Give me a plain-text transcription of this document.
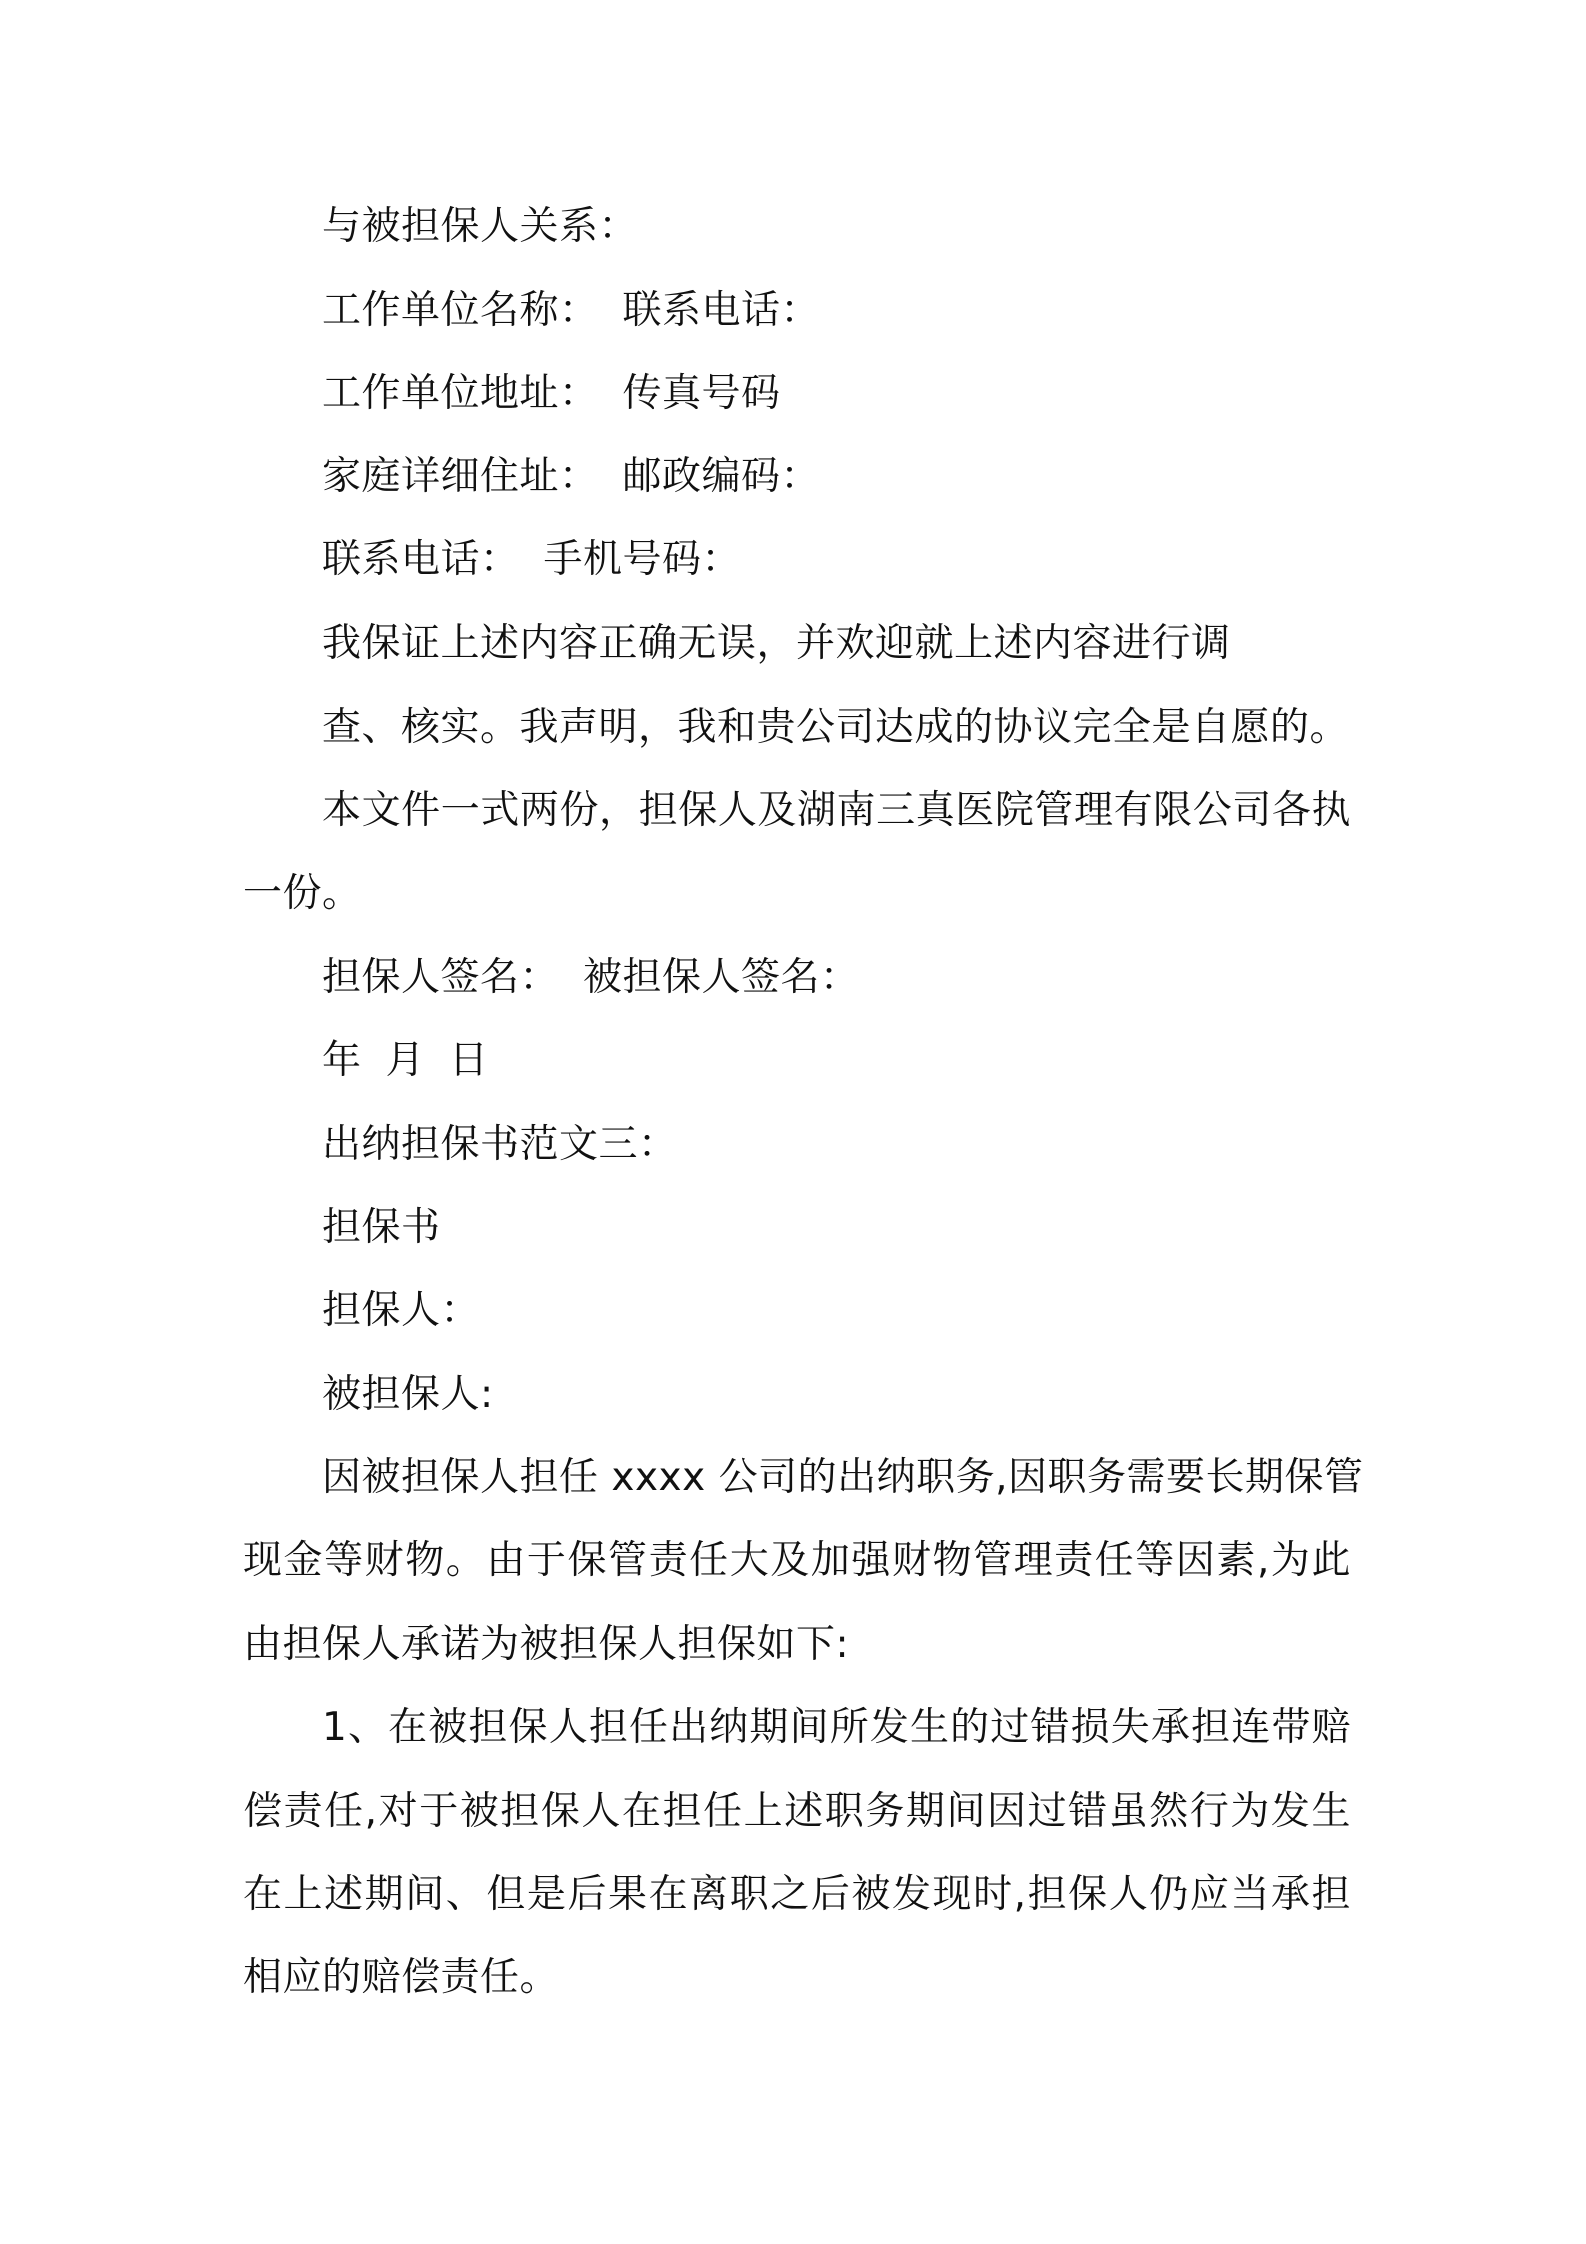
与被担保人关系：
工作单位名称： 联系电话：
工作单位地址： 传真号码
家庭详细住址： 邮政编码：
联系电话： 手机号码：
我保证上述内容正确无误，并欢迎就上述内容进行调
查、核实。我声明，我和贵公司达成的协议完全是自愿的。
本文件一式两份，担保人及湖南三真医院管理有限公司各执
一份。
担保人签名： 被担保人签名：
年 月 日
出纳担保书范文三：
担保书
担保人：
被担保人:
因被担保人担任 xxxx 公司的出纳职务,因职务需要长期保管
现金等财物。由于保管责任大及加强财物管理责任等因素,为此
由担保人承诺为被担保人担保如下:
1、在被担保人担任出纳期间所发生的过错损失承担连带赔
偿责任,对于被担保人在担任上述职务期间因过错虽然行为发生
在上述期间、但是后果在离职之后被发现时,担保人仍应当承担
相应的赔偿责任。
